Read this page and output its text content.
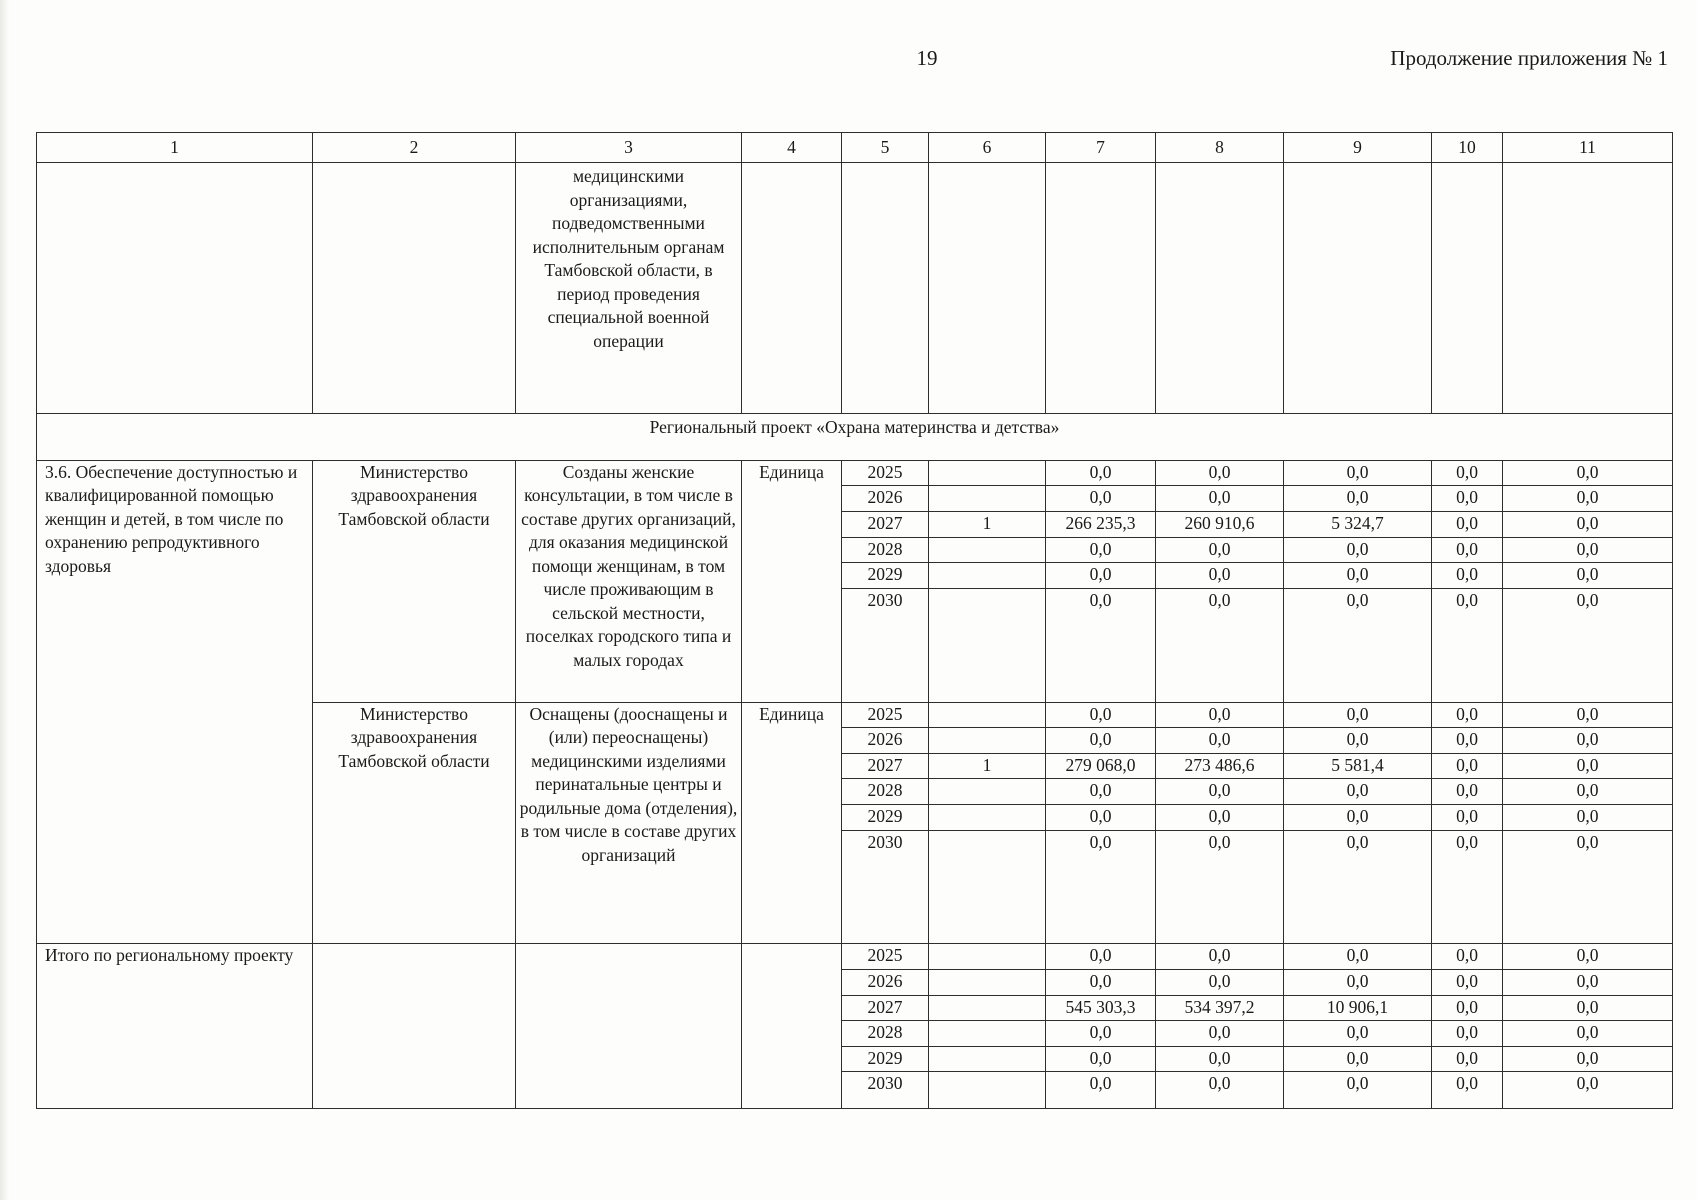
19	Продолжение приложения № 1
1	2	3	4	5	6	7	8	9	10	11
		медицинскими организациями, подведомственными исполнительным органам Тамбовской области, в период проведения специальной военной операции								
Региональный проект «Охрана материнства и детства»										
3.6. Обеспечение доступностью и квалифицированной помощью женщин и детей, в том числе по охранению репродуктивного здоровья	Министерство здравоохранения Тамбовской области	Созданы женские консультации, в том числе в составе других организаций, для оказания медицинской помощи женщинам, в том числе проживающим в сельской местности, поселках городского типа и малых городах	Единица	2025		0,0	0,0	0,0	0,0	0,0
				2026		0,0	0,0	0,0	0,0	0,0
				2027	1	266 235,3	260 910,6	5 324,7	0,0	0,0
				2028		0,0	0,0	0,0	0,0	0,0
				2029		0,0	0,0	0,0	0,0	0,0
				2030		0,0	0,0	0,0	0,0	0,0
	Министерство здравоохранения Тамбовской области	Оснащены (дооснащены и (или) переоснащены) медицинскими изделиями перинатальные центры и родильные дома (отделения), в том числе в составе других организаций	Единица	2025		0,0	0,0	0,0	0,0	0,0
				2026		0,0	0,0	0,0	0,0	0,0
				2027	1	279 068,0	273 486,6	5 581,4	0,0	0,0
				2028		0,0	0,0	0,0	0,0	0,0
				2029		0,0	0,0	0,0	0,0	0,0
				2030		0,0	0,0	0,0	0,0	0,0
Итого по региональному проекту				2025		0,0	0,0	0,0	0,0	0,0
				2026		0,0	0,0	0,0	0,0	0,0
				2027		545 303,3	534 397,2	10 906,1	0,0	0,0
				2028		0,0	0,0	0,0	0,0	0,0
				2029		0,0	0,0	0,0	0,0	0,0
				2030		0,0	0,0	0,0	0,0	0,0
